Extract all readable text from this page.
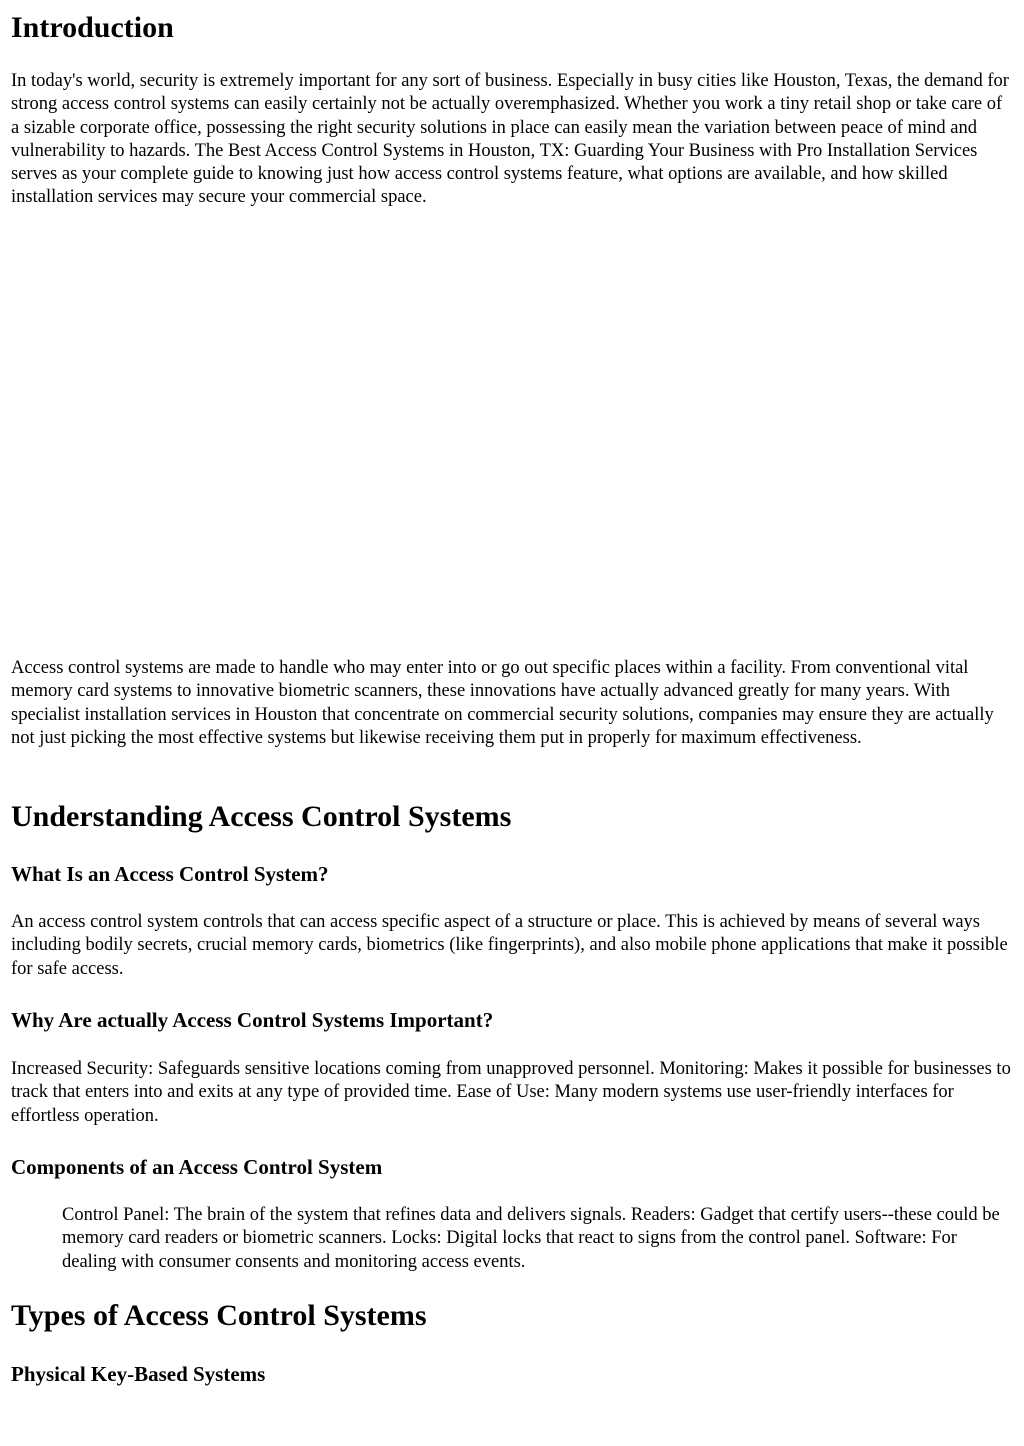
Introduction

In today's world, security is extremely important for any sort of business. Especially in busy cities like Houston, Texas, the demand for strong access control systems can easily certainly not be actually overemphasized. Whether you work a tiny retail shop or take care of a sizable corporate office, possessing the right security solutions in place can easily mean the variation between peace of mind and vulnerability to hazards. The Best Access Control Systems in Houston, TX: Guarding Your Business with Pro Installation Services serves as your complete guide to knowing just how access control systems feature, what options are available, and how skilled installation services may secure your commercial space.

Access control systems are made to handle who may enter into or go out specific places within a facility. From conventional vital memory card systems to innovative biometric scanners, these innovations have actually advanced greatly for many years. With specialist installation services in Houston that concentrate on commercial security solutions, companies may ensure they are actually not just picking the most effective systems but likewise receiving them put in properly for maximum effectiveness.

Understanding Access Control Systems
What Is an Access Control System?

An access control system controls that can access specific aspect of a structure or place. This is achieved by means of several ways including bodily secrets, crucial memory cards, biometrics (like fingerprints), and also mobile phone applications that make it possible for safe access.

Why Are actually Access Control Systems Important?

Increased Security: Safeguards sensitive locations coming from unapproved personnel. Monitoring: Makes it possible for businesses to track that enters into and exits at any type of provided time. Ease of Use: Many modern systems use user-friendly interfaces for effortless operation.

Components of an Access Control System

Control Panel: The brain of the system that refines data and delivers signals. Readers: Gadget that certify users--these could be memory card readers or biometric scanners. Locks: Digital locks that react to signs from the control panel. Software: For dealing with consumer consents and monitoring access events.

Types of Access Control Systems
Physical Key-Based Systems
